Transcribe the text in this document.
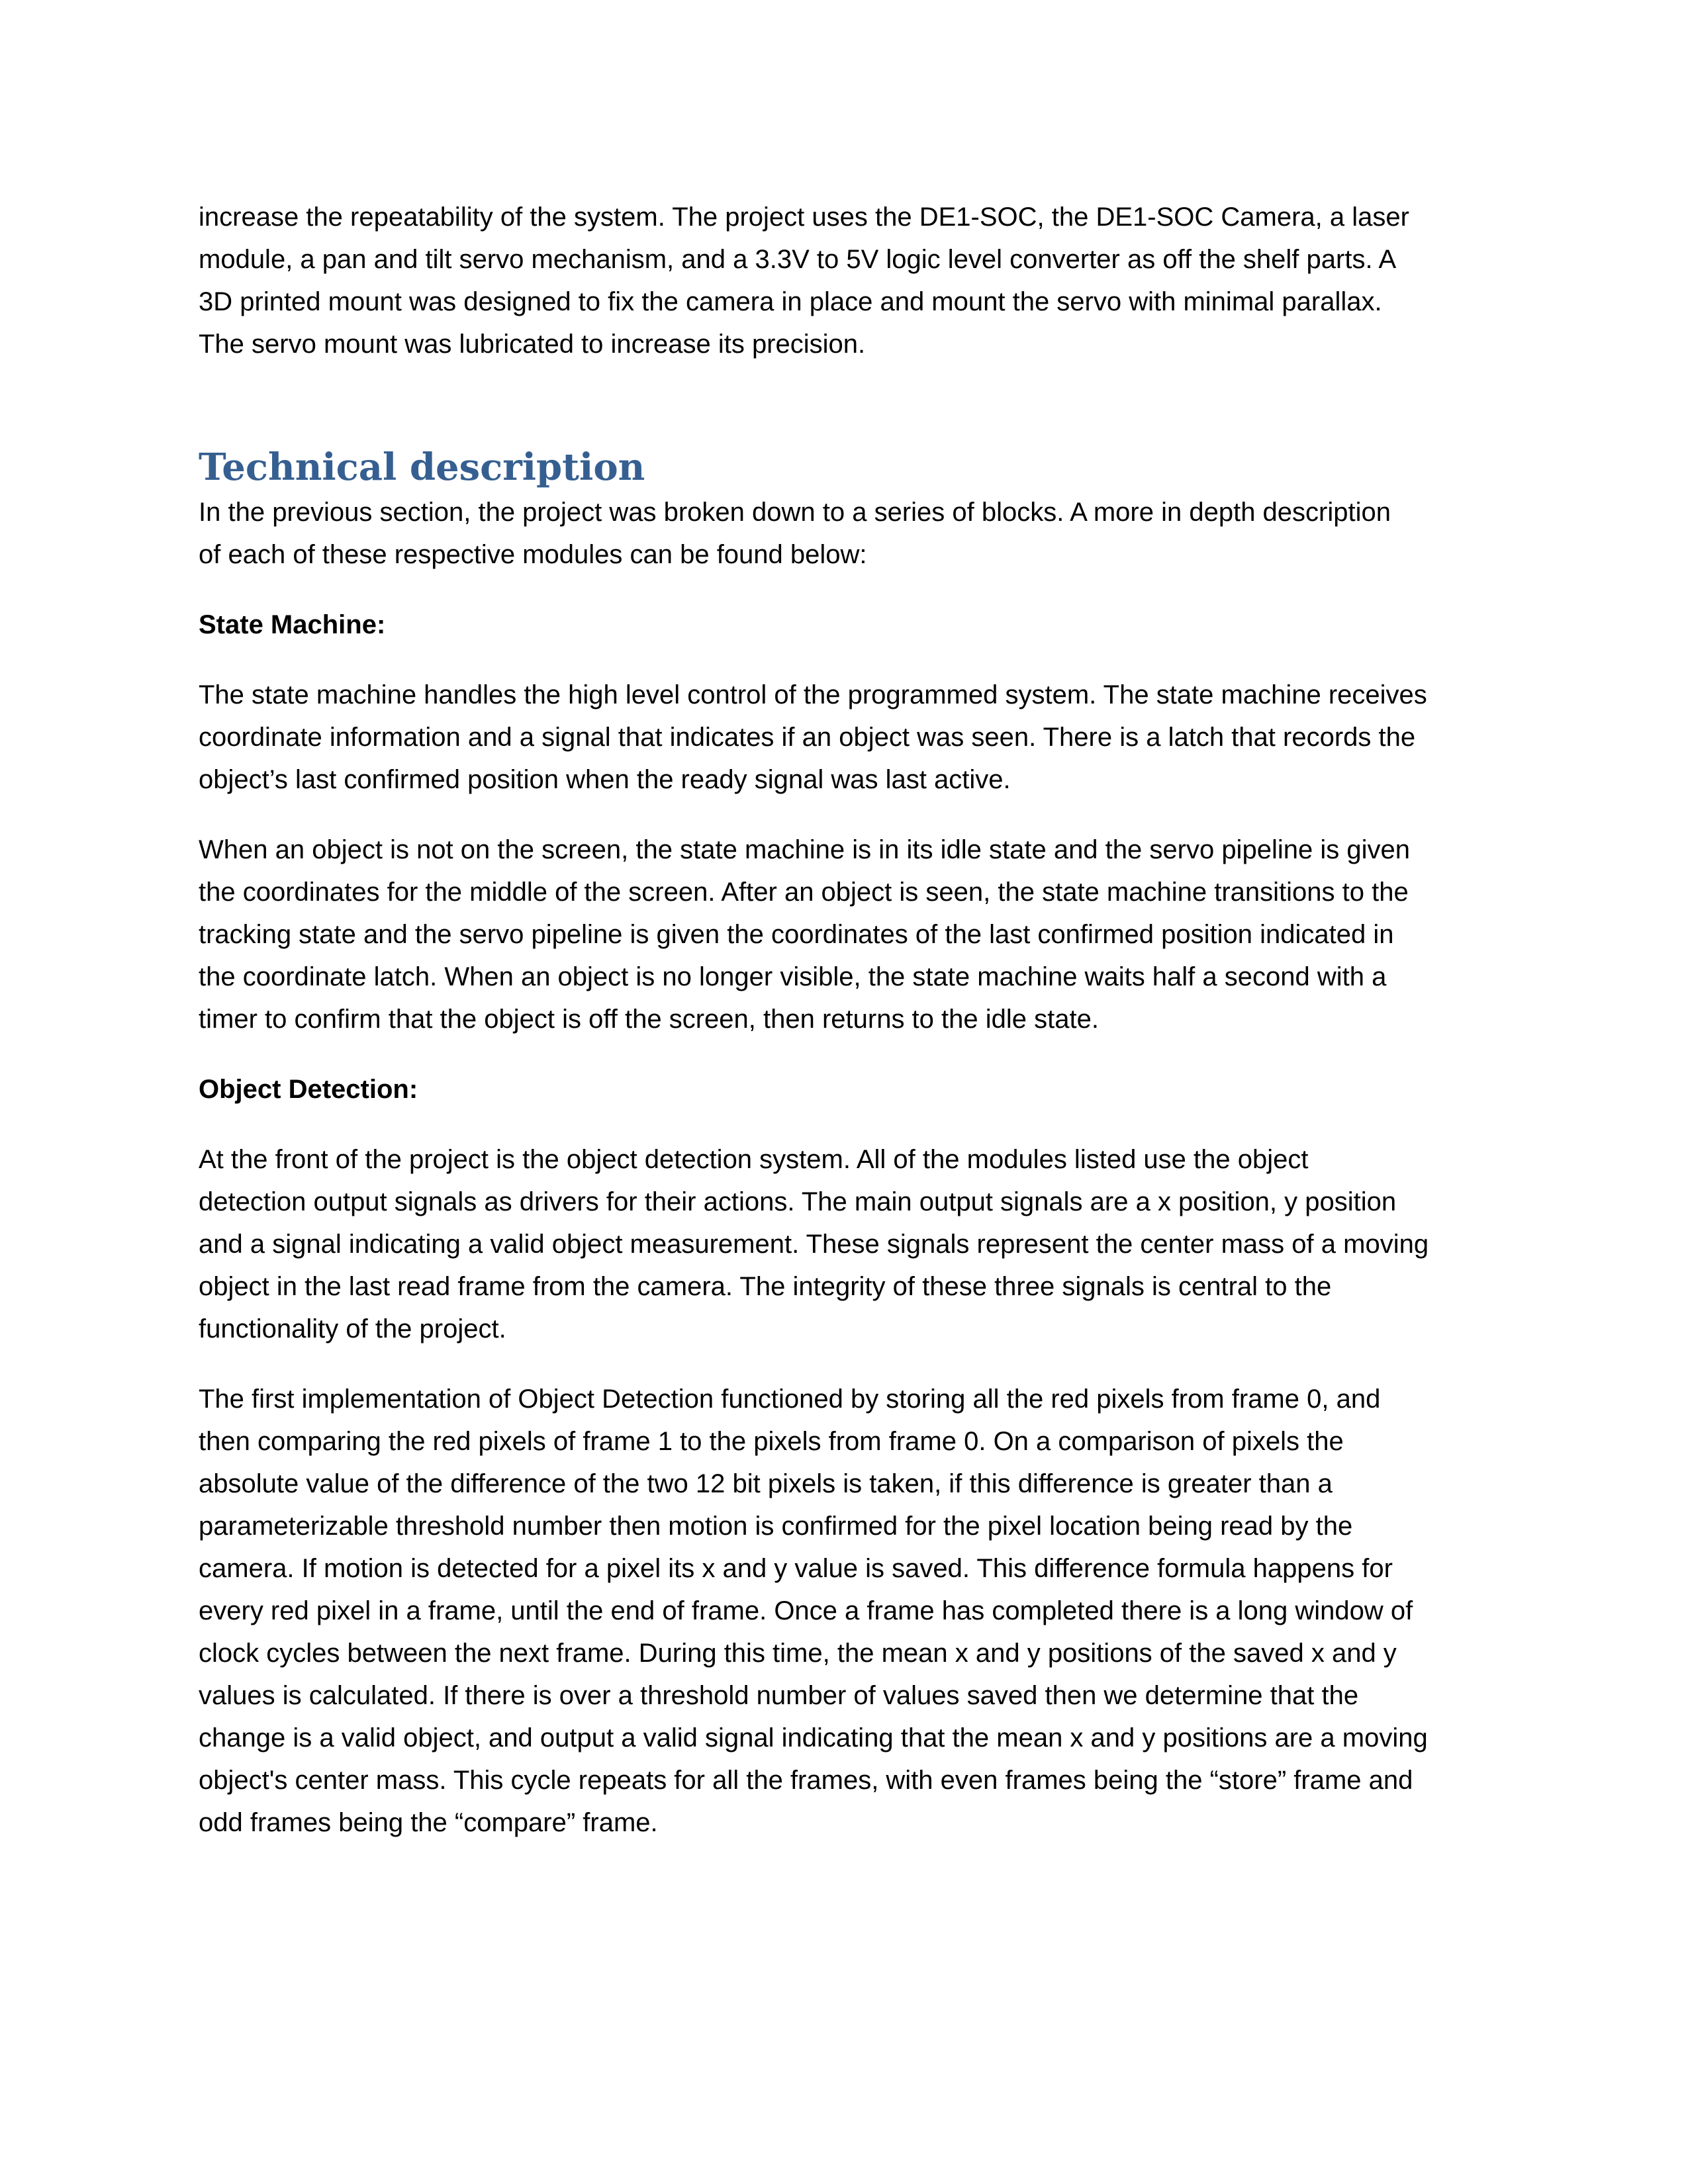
increase the repeatability of the system. The project uses the DE1-SOC, the DE1-SOC Camera, a laser
module, a pan and tilt servo mechanism, and a 3.3V to 5V logic level converter as off the shelf parts. A
3D printed mount was designed to fix the camera in place and mount the servo with minimal parallax.
The servo mount was lubricated to increase its precision.

Technical description

In the previous section, the project was broken down to a series of blocks. A more in depth description
of each of these respective modules can be found below:

State Machine:

The state machine handles the high level control of the programmed system. The state machine receives
coordinate information and a signal that indicates if an object was seen. There is a latch that records the
object’s last confirmed position when the ready signal was last active.

When an object is not on the screen, the state machine is in its idle state and the servo pipeline is given
the coordinates for the middle of the screen. After an object is seen, the state machine transitions to the
tracking state and the servo pipeline is given the coordinates of the last confirmed position indicated in
the coordinate latch. When an object is no longer visible, the state machine waits half a second with a
timer to confirm that the object is off the screen, then returns to the idle state.

Object Detection:

At the front of the project is the object detection system. All of the modules listed use the object
detection output signals as drivers for their actions. The main output signals are a x position, y position
and a signal indicating a valid object measurement. These signals represent the center mass of a moving
object in the last read frame from the camera. The integrity of these three signals is central to the
functionality of the project.

The first implementation of Object Detection functioned by storing all the red pixels from frame 0, and
then comparing the red pixels of frame 1 to the pixels from frame 0. On a comparison of pixels the
absolute value of the difference of the two 12 bit pixels is taken, if this difference is greater than a
parameterizable threshold number then motion is confirmed for the pixel location being read by the
camera. If motion is detected for a pixel its x and y value is saved. This difference formula happens for
every red pixel in a frame, until the end of frame. Once a frame has completed there is a long window of
clock cycles between the next frame. During this time, the mean x and y positions of the saved x and y
values is calculated. If there is over a threshold number of values saved then we determine that the
change is a valid object, and output a valid signal indicating that the mean x and y positions are a moving
object's center mass. This cycle repeats for all the frames, with even frames being the “store” frame and
odd frames being the “compare” frame.
